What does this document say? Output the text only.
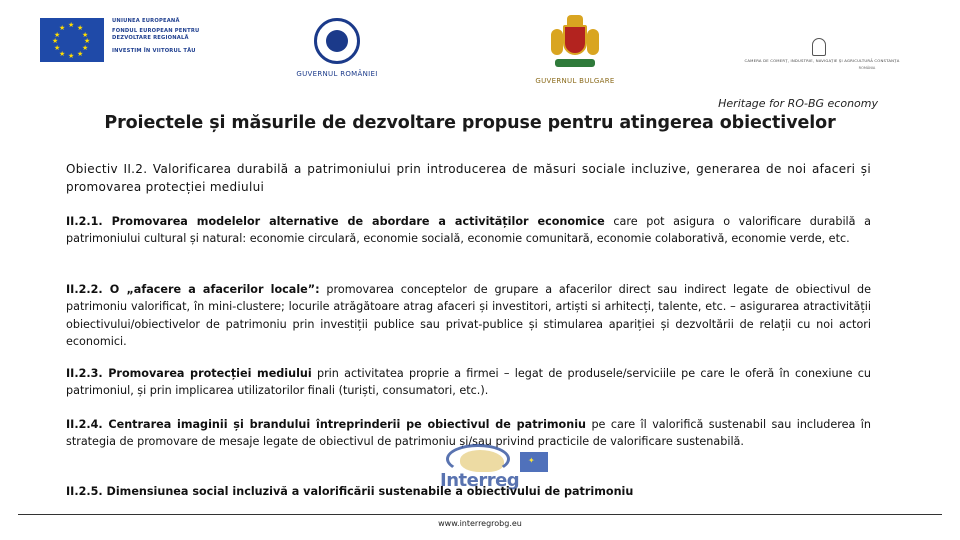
★ ★
★
★
★
★
★
★
★
★
★
★
UNIUNEA EUROPEANĂ
FONDUL EUROPEAN PENTRU
DEZVOLTARE REGIONALĂ
INVESTIM ÎN VIITORUL TĂU
GUVERNUL ROMÂNIEI
GUVERNUL BULGARE
CAMERA DE COMERŢ, INDUSTRIE, NAVIGAŢIE ŞI AGRICULTURĂ CONSTANŢA
ROMÂNIA
Heritage for RO-BG economy
Proiectele și măsurile de dezvoltare propuse pentru atingerea obiectivelor
Obiectiv II.2. Valorificarea durabilă a patrimoniului prin introducerea de măsuri sociale incluzive, generarea de noi afaceri și promovarea protecției mediului
II.2.1. Promovarea modelelor alternative de abordare a activităților economice care pot asigura o valorificare durabilă a patrimoniului cultural și natural: economie circulară, economie socială, economie comunitară, economie colaborativă, economie verde, etc.
II.2.2. O „afacere a afacerilor locale”: promovarea conceptelor de grupare a afacerilor direct sau indirect legate de obiectivul de patrimoniu valorificat, în mini-clustere; locurile atrăgătoare atrag afaceri și investitori, artiști si arhitecți, talente, etc. – asigurarea atractivității obiectivului/obiectivelor de patrimoniu prin investiții publice sau privat-publice și stimularea apariției și dezvoltării de relații cu noi actori economici.
II.2.3. Promovarea protecției mediului prin activitatea proprie a firmei – legat de produsele/serviciile pe care le oferă în conexiune cu patrimoniul, și prin implicarea utilizatorilor finali (turiști, consumatori, etc.).
II.2.4. Centrarea imaginii și brandului întreprinderii pe obiectivul de patrimoniu pe care îl valorifică sustenabil sau includerea în strategia de promovare de mesaje legate de obiectivul de patrimoniu și/sau privind practicile de valorificare sustenabilă.
Interreg
✦
II.2.5. Dimensiunea social incluzivă a valorificării sustenabile a obiectivului de patrimoniu
www.interregrobg.eu
